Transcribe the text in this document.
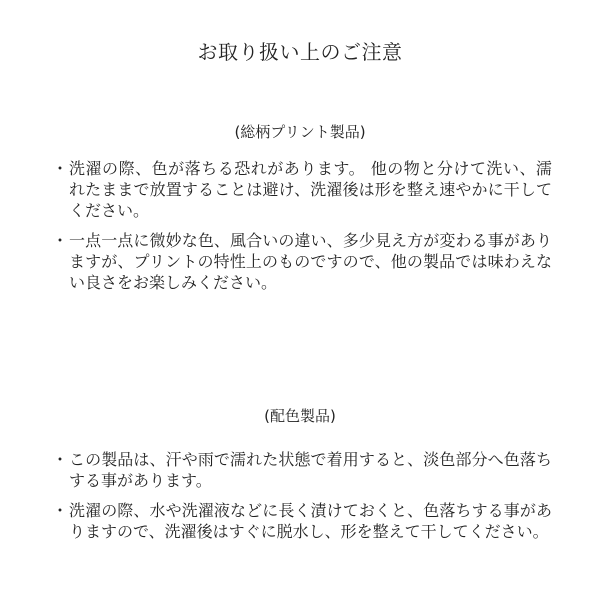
お取り扱い上のご注意
(総柄プリント製品)
・ 洗濯の際、色が落ちる恐れがあります。 他の物と分けて洗い、濡れたままで放置することは避け、洗濯後は形を整え速やかに干してください。
・ 一点一点に微妙な色、風合いの違い、多少見え方が変わる事がありますが、プリントの特性上のものですので、他の製品では味わえない良さをお楽しみください。
(配色製品)
・ この製品は、汗や雨で濡れた状態で着用すると、淡色部分へ色落ちする事があります。
・ 洗濯の際、水や洗濯液などに長く漬けておくと、色落ちする事がありますので、洗濯後はすぐに脱水し、形を整えて干してください。
